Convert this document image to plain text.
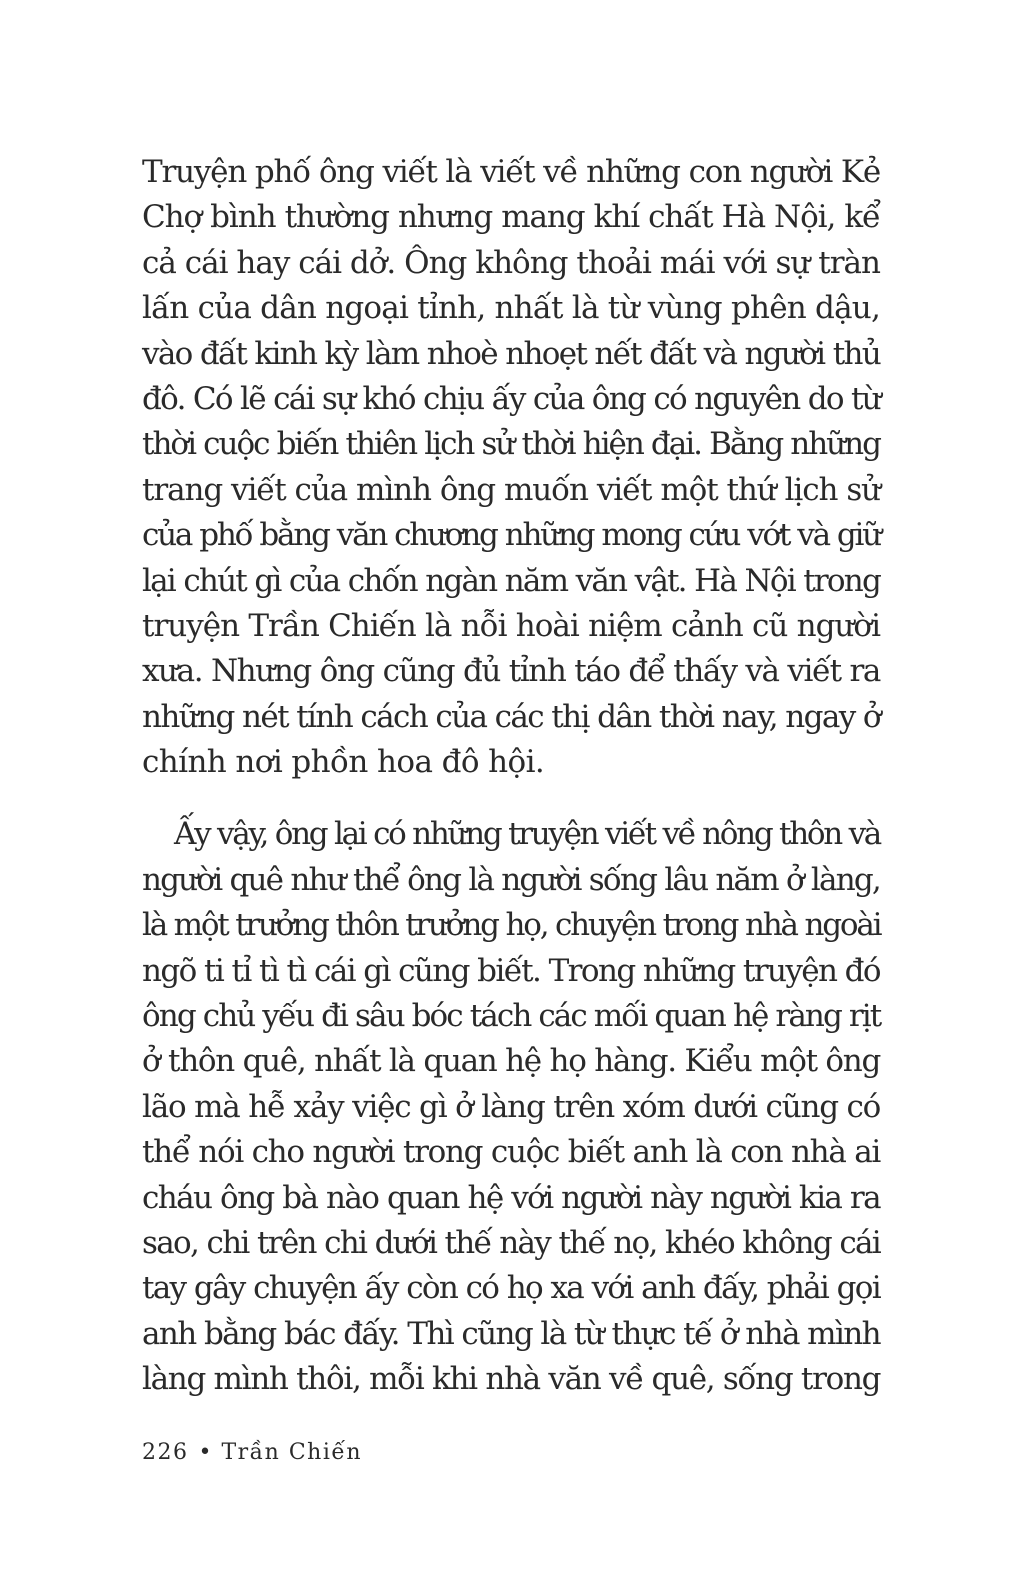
Truyện phố ông viết là viết về những con người Kẻ
Chợ bình thường nhưng mang khí chất Hà Nội, kể
cả cái hay cái dở. Ông không thoải mái với sự tràn
lấn của dân ngoại tỉnh, nhất là từ vùng phên dậu,
vào đất kinh kỳ làm nhoè nhoẹt nết đất và người thủ
đô. Có lẽ cái sự khó chịu ấy của ông có nguyên do từ
thời cuộc biến thiên lịch sử thời hiện đại. Bằng những
trang viết của mình ông muốn viết một thứ lịch sử
của phố bằng văn chương những mong cứu vớt và giữ
lại chút gì của chốn ngàn năm văn vật. Hà Nội trong
truyện Trần Chiến là nỗi hoài niệm cảnh cũ người
xưa. Nhưng ông cũng đủ tỉnh táo để thấy và viết ra
những nét tính cách của các thị dân thời nay, ngay ở
chính nơi phồn hoa đô hội.

Ấy vậy, ông lại có những truyện viết về nông thôn và
người quê như thể ông là người sống lâu năm ở làng,
là một trưởng thôn trưởng họ, chuyện trong nhà ngoài
ngõ ti tỉ tì tì cái gì cũng biết. Trong những truyện đó
ông chủ yếu đi sâu bóc tách các mối quan hệ ràng rịt
ở thôn quê, nhất là quan hệ họ hàng. Kiểu một ông
lão mà hễ xảy việc gì ở làng trên xóm dưới cũng có
thể nói cho người trong cuộc biết anh là con nhà ai
cháu ông bà nào quan hệ với người này người kia ra
sao, chi trên chi dưới thế này thế nọ, khéo không cái
tay gây chuyện ấy còn có họ xa với anh đấy, phải gọi
anh bằng bác đấy. Thì cũng là từ thực tế ở nhà mình
làng mình thôi, mỗi khi nhà văn về quê, sống trong

226 • Trần Chiến
